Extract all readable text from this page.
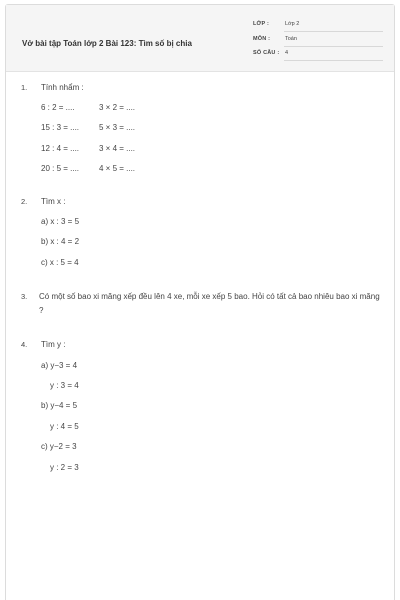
Vở bài tập Toán lớp 2 Bài 123: Tìm số bị chia
LỚP :	Lớp 2
MÔN :	Toán
SỐ CÂU : 4
1. Tính nhẩm :
6 : 2 = ....	3 × 2 = ....
15 : 3 = .... 5 × 3 = ....
12 : 4 = .... 3 × 4 = ....
20 : 5 = .... 4 × 5 = ....
2. Tìm x :
a) x : 3 = 5
b) x : 4 = 2
c) x : 5 = 4
3. Có một số bao xi măng xếp đều lên 4 xe, mỗi xe xếp 5 bao. Hỏi có tất cả bao nhiêu bao xi măng ?
4. Tìm y :
a) y−3 = 4
y : 3 = 4
b) y−4 = 5
y : 4 = 5
c) y−2 = 3
y : 2 = 3
